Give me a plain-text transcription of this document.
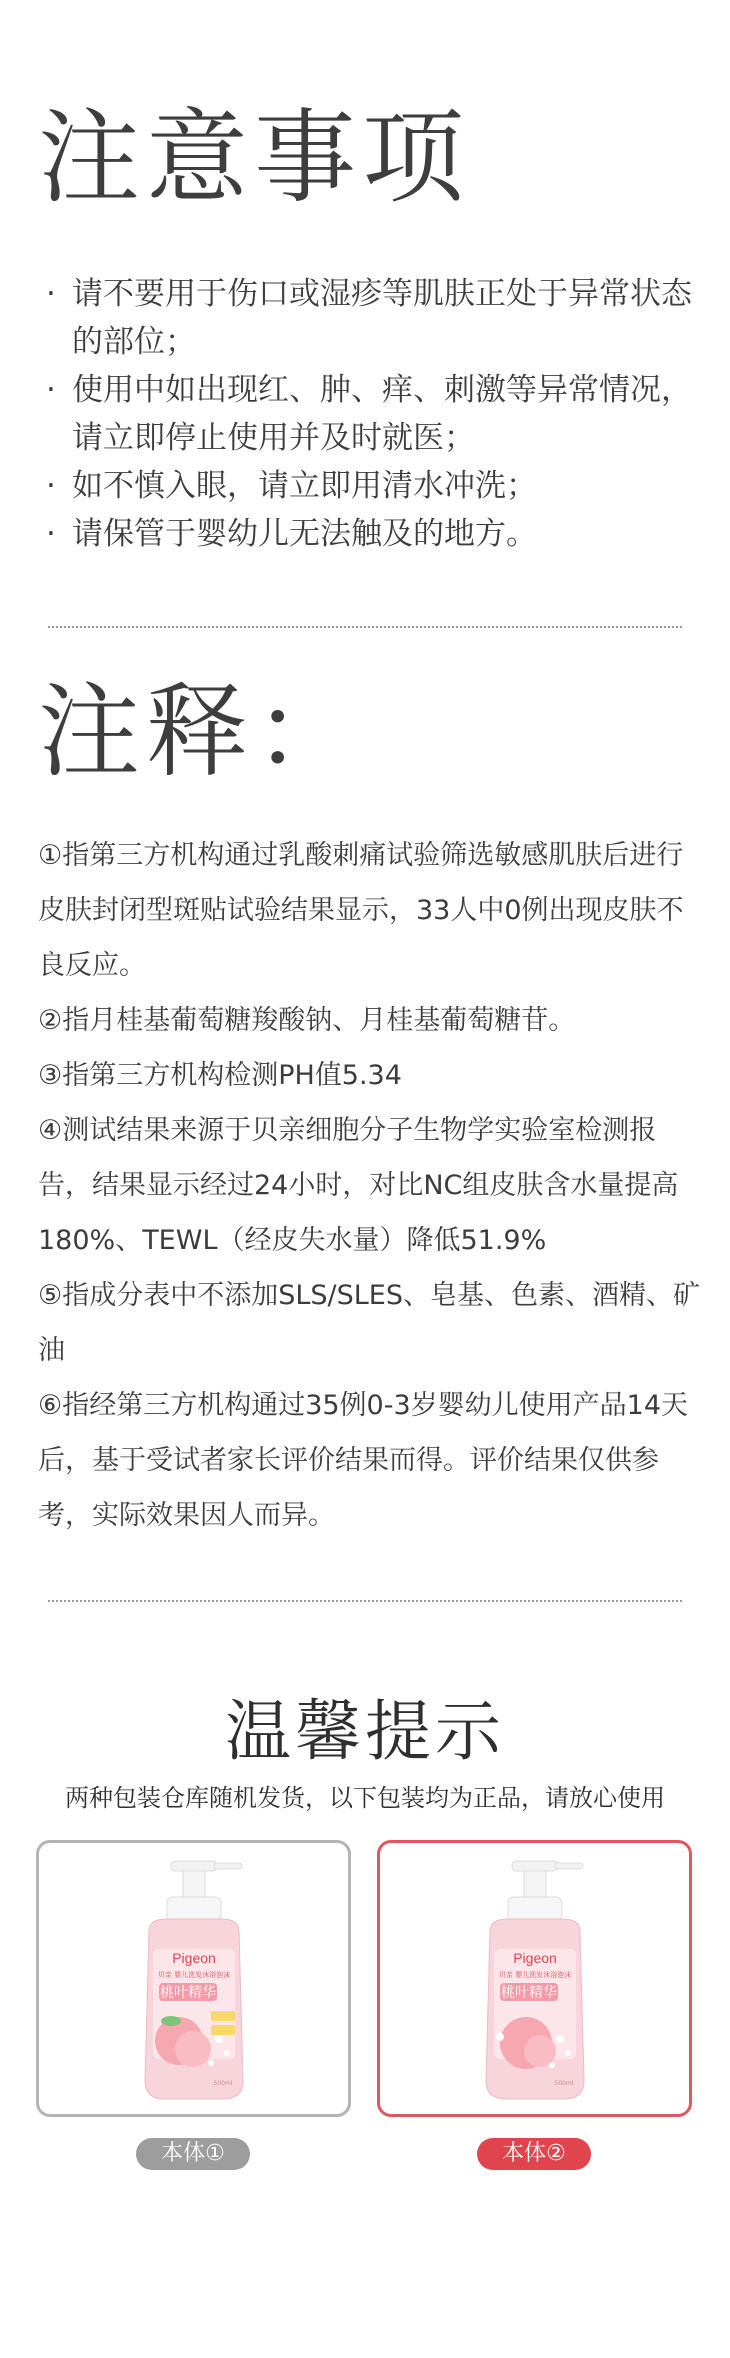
注意事项
· 请不要用于伤口或湿疹等肌肤正处于异常状态的部位；
· 使用中如出现红、肿、痒、刺激等异常情况，请立即停止使用并及时就医；
· 如不慎入眼，请立即用清水冲洗；
· 请保管于婴幼儿无法触及的地方。
注释：

①指第三方机构通过乳酸刺痛试验筛选敏感肌肤后进行皮肤封闭型斑贴试验结果显示，33人中0例出现皮肤不良反应。

②指月桂基葡萄糖羧酸钠、月桂基葡萄糖苷。

③指第三方机构检测PH值5.34

④测试结果来源于贝亲细胞分子生物学实验室检测报告，结果显示经过24小时，对比NC组皮肤含水量提高180%、TEWL（经皮失水量）降低51.9%

⑤指成分表中不添加SLS/SLES、皂基、色素、酒精、矿油

⑥指经第三方机构通过35例0-3岁婴幼儿使用产品14天后，基于受试者家长评价结果而得。评价结果仅供参考，实际效果因人而异。

温馨提示
两种包装仓库随机发货，以下包装均为正品，请放心使用
Pigeon
贝亲 婴儿洗发沐浴泡沫
桃叶精华
500ml
Pigeon
贝亲 婴儿洗发沐浴泡沫
桃叶精华
500ml
本体①	本体②
